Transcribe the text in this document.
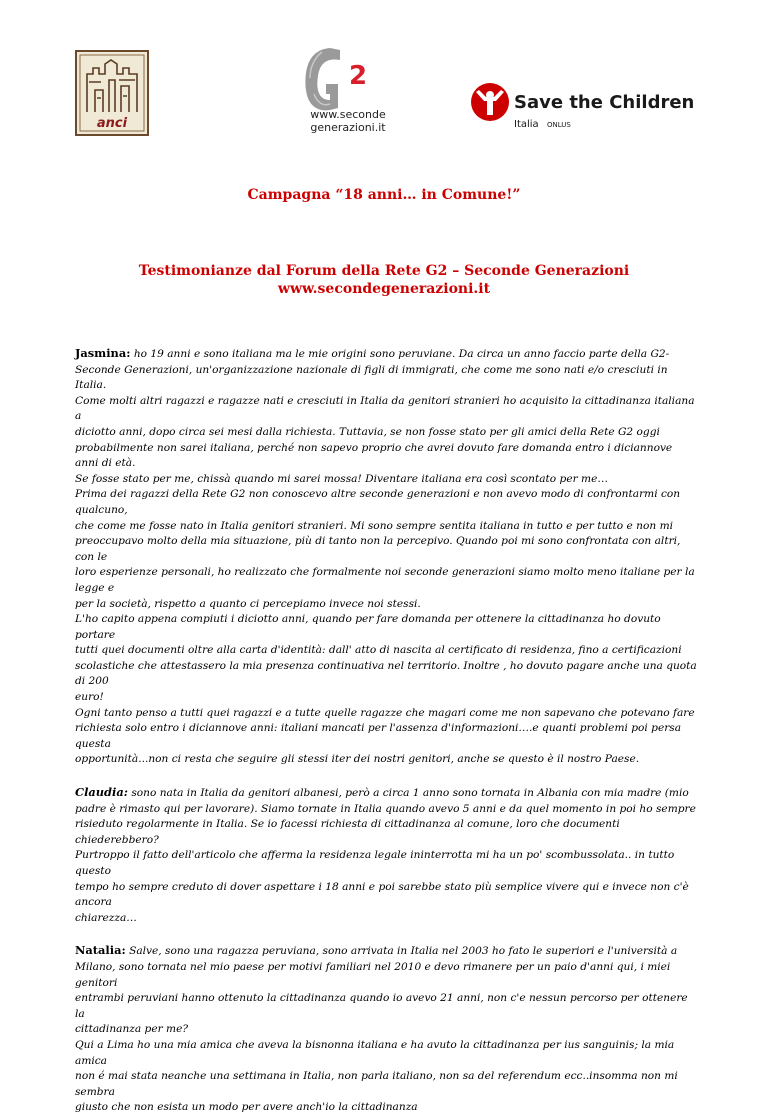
anci
2
www.seconde
generazioni.it
Save the Children
Italia ONLUS
Campagna “18 anni… in Comune!”
Testimonianze dal Forum della Rete G2 – Seconde Generazioni
www.secondegenerazioni.it

Jasmina: ho 19 anni e sono italiana ma le mie origini sono peruviane. Da circa un anno faccio parte della G2-
Seconde Generazioni, un'organizzazione nazionale di figli di immigrati, che come me sono nati e/o cresciuti in Italia.
Come molti altri ragazzi e ragazze nati e cresciuti in Italia da genitori stranieri ho acquisito la cittadinanza italiana a
diciotto anni, dopo circa sei mesi dalla richiesta. Tuttavia, se non fosse stato per gli amici della Rete G2 oggi
probabilmente non sarei italiana, perché non sapevo proprio che avrei dovuto fare domanda entro i diciannove anni di età.
Se fosse stato per me, chissà quando mi sarei mossa! Diventare italiana era così scontato per me…
Prima dei ragazzi della Rete G2 non conoscevo altre seconde generazioni e non avevo modo di confrontarmi con qualcuno,
che come me fosse nato in Italia genitori stranieri. Mi sono sempre sentita italiana in tutto e per tutto e non mi
preoccupavo molto della mia situazione, più di tanto non la percepivo. Quando poi mi sono confrontata con altri, con le
loro esperienze personali, ho realizzato che formalmente noi seconde generazioni siamo molto meno italiane per la legge e
per la società, rispetto a quanto ci percepiamo invece noi stessi.
L'ho capito appena compiuti i diciotto anni, quando per fare domanda per ottenere la cittadinanza ho dovuto portare
tutti quei documenti oltre alla carta d'identità: dall' atto di nascita al certificato di residenza, fino a certificazioni
scolastiche che attestassero la mia presenza continuativa nel territorio. Inoltre , ho dovuto pagare anche una quota di 200
euro!
Ogni tanto penso a tutti quei ragazzi e a tutte quelle ragazze che magari come me non sapevano che potevano fare
richiesta solo entro i diciannove anni: italiani mancati per l'assenza d'informazioni….e quanti problemi poi persa questa
opportunità...non ci resta che seguire gli stessi iter dei nostri genitori, anche se questo è il nostro Paese.

Claudia: sono nata in Italia da genitori albanesi, però a circa 1 anno sono tornata in Albania con mia madre (mio
padre è rimasto qui per lavorare). Siamo tornate in Italia quando avevo 5 anni e da quel momento in poi ho sempre
risieduto regolarmente in Italia. Se io facessi richiesta di cittadinanza al comune, loro che documenti chiederebbero?
Purtroppo il fatto dell'articolo che afferma la residenza legale ininterrotta mi ha un po' scombussolata.. in tutto questo
tempo ho sempre creduto di dover aspettare i 18 anni e poi sarebbe stato più semplice vivere qui e invece non c'è ancora
chiarezza…

Natalia: Salve, sono una ragazza peruviana, sono arrivata in Italia nel 2003 ho fato le superiori e l'università a
Milano, sono tornata nel mio paese per motivi familiari nel 2010 e devo rimanere per un paio d'anni qui, i miei genitori
entrambi peruviani hanno ottenuto la cittadinanza quando io avevo 21 anni, non c'e nessun percorso per ottenere la
cittadinanza per me?
Qui a Lima ho una mia amica che aveva la bisnonna italiana e ha avuto la cittadinanza per ius sanguinis; la mia amica
non é mai stata neanche una settimana in Italia, non parla italiano, non sa del referendum ecc..insomma non mi sembra
giusto che non esista un modo per avere anch'io la cittadinanza
